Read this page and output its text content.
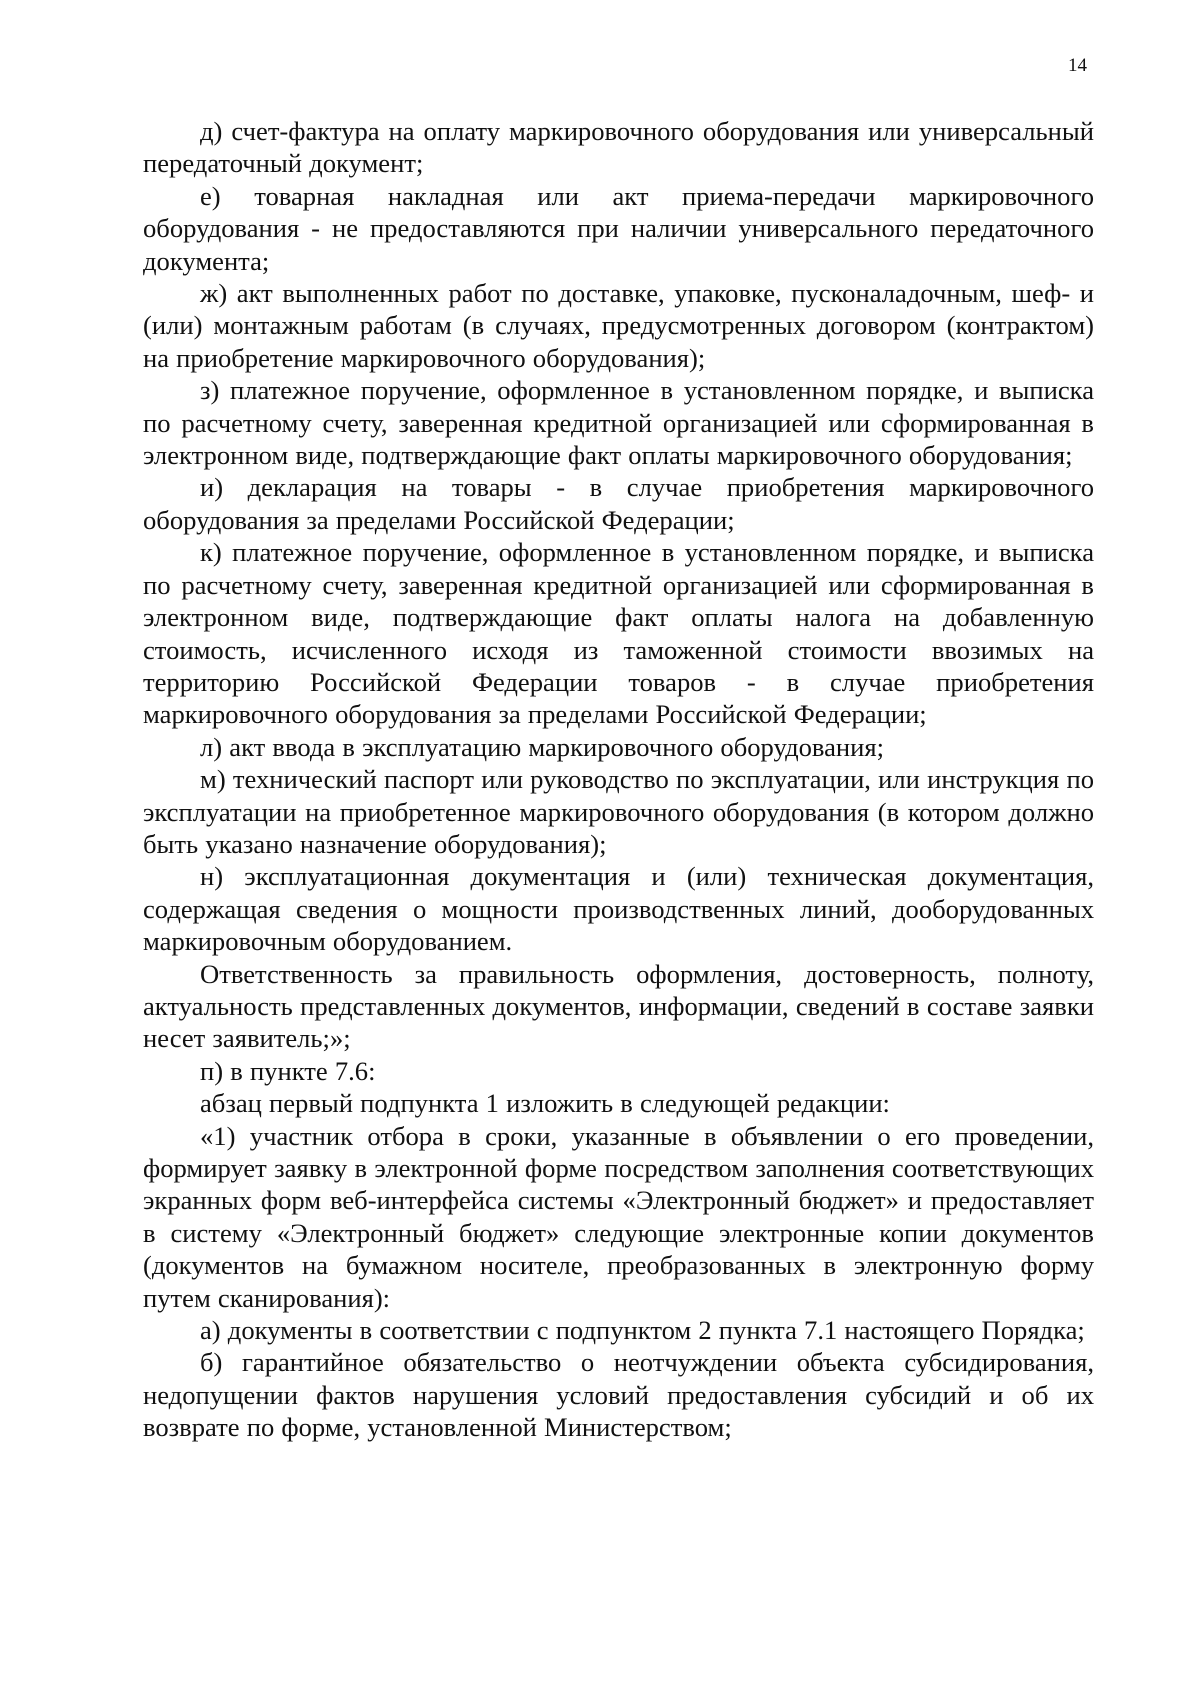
14

д) счет-фактура на оплату маркировочного оборудования или универсальный передаточный документ;

е) товарная накладная или акт приема-передачи маркировочного оборудования - не предоставляются при наличии универсального передаточного документа;

ж) акт выполненных работ по доставке, упаковке, пусконаладочным, шеф- и (или) монтажным работам (в случаях, предусмотренных договором (контрактом) на приобретение маркировочного оборудования);

з) платежное поручение, оформленное в установленном порядке, и выписка по расчетному счету, заверенная кредитной организацией или сформированная в электронном виде, подтверждающие факт оплаты маркировочного оборудования;

и) декларация на товары - в случае приобретения маркировочного оборудования за пределами Российской Федерации;

к) платежное поручение, оформленное в установленном порядке, и выписка по расчетному счету, заверенная кредитной организацией или сформированная в электронном виде, подтверждающие факт оплаты налога на добавленную стоимость, исчисленного исходя из таможенной стоимости ввозимых на территорию Российской Федерации товаров - в случае приобретения маркировочного оборудования за пределами Российской Федерации;

л) акт ввода в эксплуатацию маркировочного оборудования;

м) технический паспорт или руководство по эксплуатации, или инструкция по эксплуатации на приобретенное маркировочного оборудования (в котором должно быть указано назначение оборудования);

н) эксплуатационная документация и (или) техническая документация, содержащая сведения о мощности производственных линий, дооборудованных маркировочным оборудованием.

Ответственность за правильность оформления, достоверность, полноту, актуальность представленных документов, информации, сведений в составе заявки несет заявитель;»;

п) в пункте 7.6:

абзац первый подпункта 1 изложить в следующей редакции:

«1) участник отбора в сроки, указанные в объявлении о его проведении, формирует заявку в электронной форме посредством заполнения соответствующих экранных форм веб-интерфейса системы «Электронный бюджет» и предоставляет в систему «Электронный бюджет» следующие электронные копии документов (документов на бумажном носителе, преобразованных в электронную форму путем сканирования):

а) документы в соответствии с подпунктом 2 пункта 7.1 настоящего Порядка;

б) гарантийное обязательство о неотчуждении объекта субсидирования, недопущении фактов нарушения условий предоставления субсидий и об их возврате по форме, установленной Министерством;
